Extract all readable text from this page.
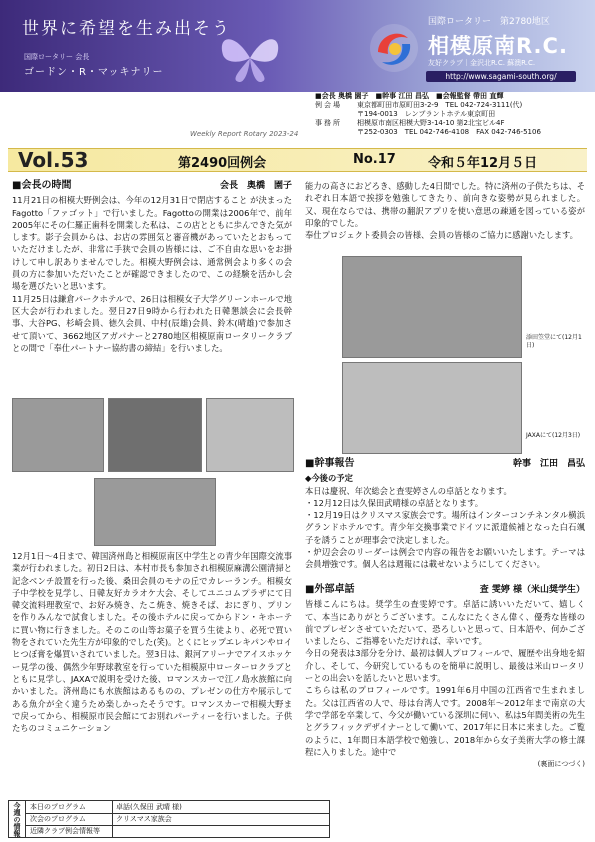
世界に希望を生み出そう
国際ロータリー 会長
ゴードン・R・マッキナリー
国際ロータリー　第2780地区
相模原南R.C.
友好クラブ｜金沢北R.C. 蘇澳R.C.
http://www.sagami-south.org/
■会長 奥橋 園子　■幹事 江田 昌弘　■会報監督 帶田 直輝
例会場	東京都町田市原町田3-2-9　TEL 042-724-3111(代)
〒194-0013　レンブラントホテル東京町田
事務所	相模原市南区相模大野3-14-10 第2北宝ビル4F
〒252-0303　TEL 042-746-4108　FAX 042-746-5106
Weekly Report Rotary 2023-24
Vol.53	第2490回例会	No.17 令和５年12月５日
■会長の時間	会長　奥橋　園子

11月21日の相模大野例会は、今年の12月31日で閉店すること が決まったFagotto「ファゴット」で行いました。Fagottoの開業は2006年で、前年2005年にその仁羅正歯科を開業した私は、この店とともに歩んできた気がします。影子会員からは、お店の雰囲気と審音機があっていたとおもっていただけましたが、非常に手狭で会員の皆様には、ご不自由な思いをお掛けして申し訳ありませんでした。相模大野例会は、通常例会より多くの会員の方に参加いただいたことが確認できましたので、この経験を活かし会場を選びたいと思います。

11月25日は鎌倉パークホテルで、26日は相模女子大学グリーンホールで地区大会が行われました。翌日27日9時から行われた日韓懇談会に会長幹事、大谷PG、杉崎会員、徳久会員、中村(辰雄)会員、鈴木(晴雄)で参加させて頂いて、3662地区アガパナーと2780地区相模原南ロータリークラブとの間で「奉仕パートナー協約書の締結」を行いました。

12月1日〜4日まで、韓国済州島と相模原南区中学生との青少年国際交流事業が行われました。初日2日は、本村市長も参加され相模原麻溝公園清掃と記念ベンチ設置を行った後、桑田会員のモナの丘でカレーランチ。相模女子中学校を見学し、日韓友好カラオケ大会、そしてユニコムプラザにて日韓交流料理教室で、お好み焼き、たこ焼き、焼きそば、おにぎり、プリンを作りみんなで試食しました。その後ホテルに戻ってからドン・キホーテに買い物に行きました。そのこの山等お菓子を買う生徒より、必死で買い物をされていた先生方が印象的でした(笑)。とくにヒップエレキパンやロイヒつぼ膏を爆買いされていました。翌3日は、銀河アリーナでアイスホッケー見学の後、偶然少年野球教室を行っていた相模原中ローターロクラブとともに見学し、JAXAで説明を受けた後、ロマンスカーで江ノ島水族館に向かいました。済州島にも水族館はあるものの、プレゼンの仕方や展示してある魚介が全く違うため楽しかったそうです。ロマンスカーで相模大野まで戻ってから、相模原市民会館にてお別れパーティーを行いました。子供たちのコミュニケーション

能力の高さにおどろき、感動した4日間でした。特に済州の子供たちは、それぞれ日本語で挨拶を勉強してきたり、前向きな姿勢が見られました。又、現在ならでは、携帯の翻訳アプリを使い意思の疎通を図っている姿が印象的でした。

奉仕プロジェクト委員会の皆様、会員の皆様のご協力に感謝いたします。

添田笠堂にて(12月1日)
JAXAにて(12月3日)
■幹事報告	幹事　江田　昌弘

◆今後の予定

本日は慶祝、年次総会と査雯婷さんの卓話となります。

・12月12日は久保田武晴様の卓話となります。

・12月19日はクリスマス家族会です。場所はインターコンチネンタル横浜グランドホテルです。青少年交換事業でドイツに派遣候補となった白石颯子を誘うことが理事会で決定しました。

・炉辺会会のリーダーは例会で内容の報告をお願いいたします。テーマは会員増強です。個人名は週報には載せないようにしてください。

■外部卓話	査 雯婷 様（米山奨学生）

皆様こんにちは。奨学生の査雯婷です。卓話に誘いいただいて、嬉しくて、本当にありがとうございます。こんなにたくさん偉く、優秀な皆様の前でプレゼンさせていただいて、恐ろしいと思って、日本語や、何かございましたら、ご指導をいただければ、幸いです。

今日の発表は3部分を分け、最初は個人プロフィールで、履歴や出身地を紹介し、そして、今研究しているものを簡単に説明し、最後は米山ロータリーとの出会いを話したいと思います。

こちらは私のプロフィールです。1991年6月中国の江西省で生まれました。父は江西省の人で、母は台湾人です。2008年〜2012年まで南京の大学で学部を卒業して、今父が働いている深圳に伺い、私は5年間美術の先生とグラフィックデザイナーとして働いて、2017年に日本に来ました。ご覧のように、1年間日本語学校で勉強し、2018年から女子美術大学の修士課程に入りました。途中で

(裏面につづく)

今週の情報	本日のプログラム	卓話(久保田 武晴 様)
次会のプログラム	クリスマス家族会
近隣クラブ例会情報等
